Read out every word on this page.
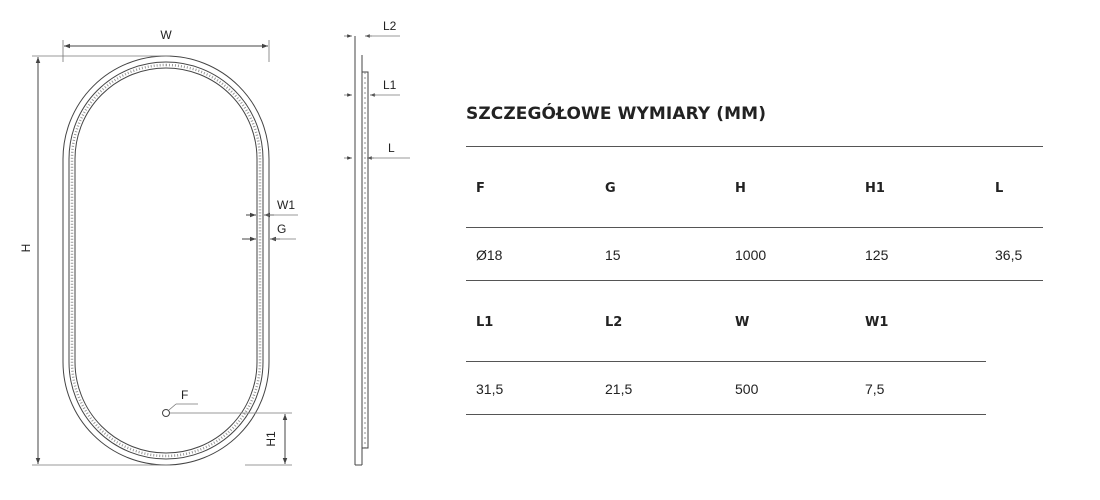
W
H
W1
G
F
H1
L2
L1
L
SZCZEGÓŁOWE WYMIARY (MM)
F	G	H	H1	L
Ø18	15	1000	125	36,5
L1	L2	W	W1
31,5	21,5	500	7,5
